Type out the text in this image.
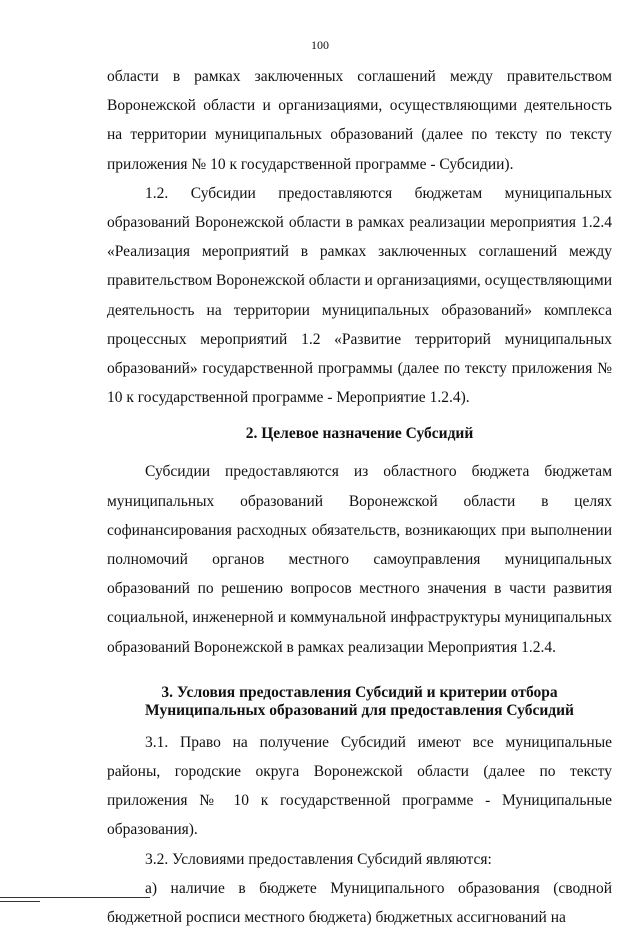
100

области в рамках заключенных соглашений между правительством Воронежской области и организациями, осуществляющими деятельность на территории муниципальных образований (далее по тексту по тексту приложения № 10 к государственной программе - Субсидии).

1.2. Субсидии предоставляются бюджетам муниципальных образований Воронежской области в рамках реализации мероприятия 1.2.4 «Реализация мероприятий в рамках заключенных соглашений между правительством Воронежской области и организациями, осуществляющими деятельность на территории муниципальных образований» комплекса процессных мероприятий 1.2 «Развитие территорий муниципальных образований» государственной программы (далее по тексту приложения № 10 к государственной программе - Мероприятие 1.2.4).

2. Целевое назначение Субсидий

Субсидии предоставляются из областного бюджета бюджетам муниципальных образований Воронежской области в целях софинансирования расходных обязательств, возникающих при выполнении полномочий органов местного самоуправления муниципальных образований по решению вопросов местного значения в части развития социальной, инженерной и коммунальной инфраструктуры муниципальных образований Воронежской в рамках реализации Мероприятия 1.2.4.

3. Условия предоставления Субсидий и критерии отбора
Муниципальных образований для предоставления Субсидий

3.1. Право на получение Субсидий имеют все муниципальные районы, городские округа Воронежской области (далее по тексту приложения № 10 к государственной программе - Муниципальные образования).

3.2. Условиями предоставления Субсидий являются:

а) наличие в бюджете Муниципального образования (сводной бюджетной росписи местного бюджета) бюджетных ассигнований на
